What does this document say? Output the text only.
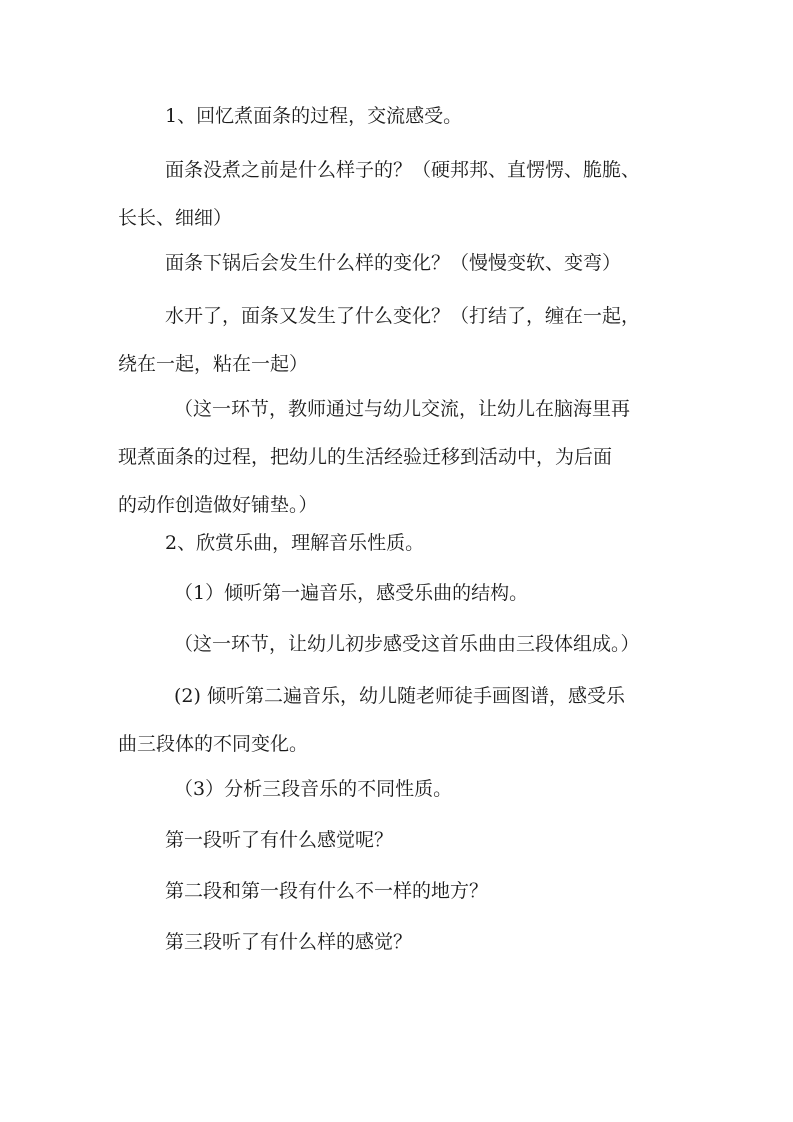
1、回忆煮面条的过程，交流感受。

面条没煮之前是什么样子的？（硬邦邦、直愣愣、脆脆、
长长、细细）

面条下锅后会发生什么样的变化？（慢慢变软、变弯）

水开了，面条又发生了什么变化？（打结了，缠在一起，
绕在一起，粘在一起）

（这一环节，教师通过与幼儿交流，让幼儿在脑海里再
现煮面条的过程，把幼儿的生活经验迁移到活动中，为后面
的动作创造做好铺垫。）

2、欣赏乐曲，理解音乐性质。

（1）倾听第一遍音乐，感受乐曲的结构。

（这一环节，让幼儿初步感受这首乐曲由三段体组成。）

(2) 倾听第二遍音乐，幼儿随老师徒手画图谱，感受乐
曲三段体的不同变化。

（3）分析三段音乐的不同性质。

第一段听了有什么感觉呢？

第二段和第一段有什么不一样的地方？

第三段听了有什么样的感觉？
